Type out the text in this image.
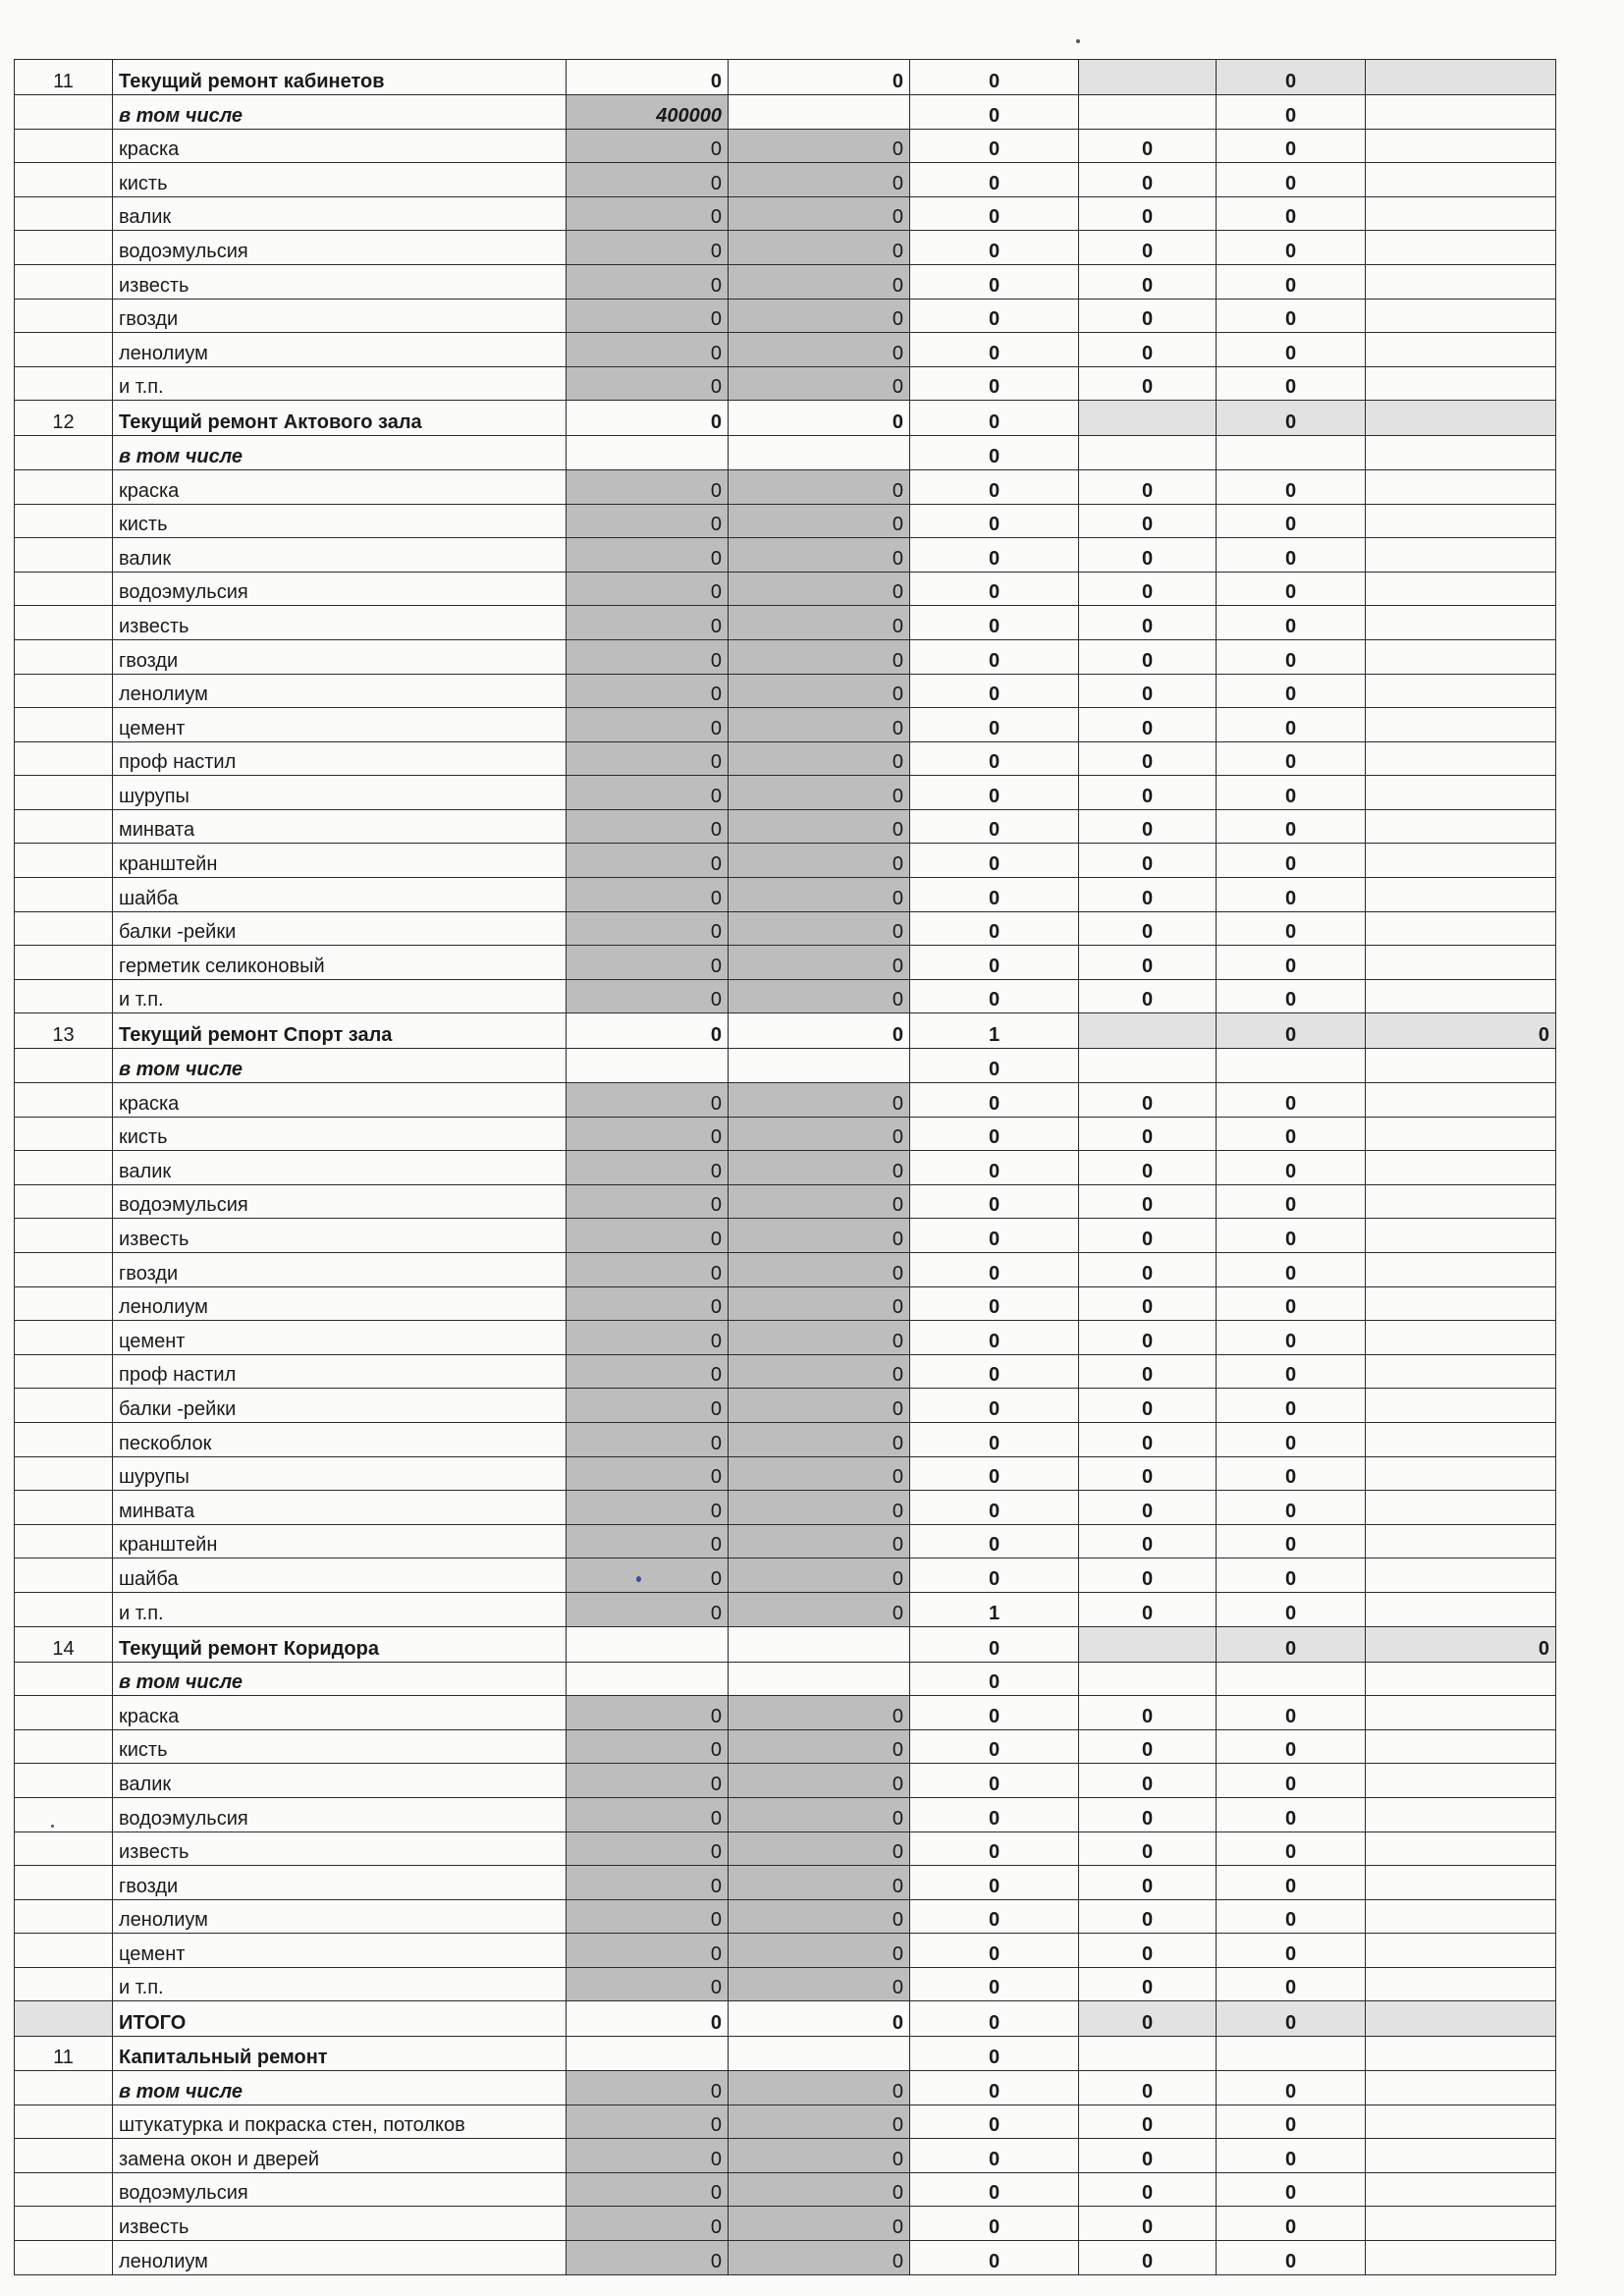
11	Текущий ремонт кабинетов	0	0	0		0	
	в том числе	400000		0		0	
	краска	0	0	0	0	0	
	кисть	0	0	0	0	0	
	валик	0	0	0	0	0	
	водоэмульсия	0	0	0	0	0	
	известь	0	0	0	0	0	
	гвозди	0	0	0	0	0	
	ленолиум	0	0	0	0	0	
	и т.п.	0	0	0	0	0	
12	Текущий ремонт Актового зала	0	0	0		0	
	в том числе			0			
	краска	0	0	0	0	0	
	кисть	0	0	0	0	0	
	валик	0	0	0	0	0	
	водоэмульсия	0	0	0	0	0	
	известь	0	0	0	0	0	
	гвозди	0	0	0	0	0	
	ленолиум	0	0	0	0	0	
	цемент	0	0	0	0	0	
	проф настил	0	0	0	0	0	
	шурупы	0	0	0	0	0	
	минвата	0	0	0	0	0	
	кранштейн	0	0	0	0	0	
	шайба	0	0	0	0	0	
	балки -рейки	0	0	0	0	0	
	герметик селиконовый	0	0	0	0	0	
	и т.п.	0	0	0	0	0	
13	Текущий ремонт Спорт зала	0	0	1		0	0
	в том числе			0			
	краска	0	0	0	0	0	
	кисть	0	0	0	0	0	
	валик	0	0	0	0	0	
	водоэмульсия	0	0	0	0	0	
	известь	0	0	0	0	0	
	гвозди	0	0	0	0	0	
	ленолиум	0	0	0	0	0	
	цемент	0	0	0	0	0	
	проф настил	0	0	0	0	0	
	балки -рейки	0	0	0	0	0	
	пескоблок	0	0	0	0	0	
	шурупы	0	0	0	0	0	
	минвата	0	0	0	0	0	
	кранштейн	0	0	0	0	0	
	шайба	0	0	0	0	0	
	и т.п.	0	0	1	0	0	
14	Текущий ремонт Коридора			0		0	0
	в том числе			0			
	краска	0	0	0	0	0	
	кисть	0	0	0	0	0	
	валик	0	0	0	0	0	
	водоэмульсия	0	0	0	0	0	
	известь	0	0	0	0	0	
	гвозди	0	0	0	0	0	
	ленолиум	0	0	0	0	0	
	цемент	0	0	0	0	0	
	и т.п.	0	0	0	0	0	
	ИТОГО	0	0	0	0	0	
11	Капитальный ремонт			0			
	в том числе	0	0	0	0	0	
	штукатурка и покраска стен, потолков	0	0	0	0	0	
	замена окон и дверей	0	0	0	0	0	
	водоэмульсия	0	0	0	0	0	
	известь	0	0	0	0	0	
	ленолиум	0	0	0	0	0	
